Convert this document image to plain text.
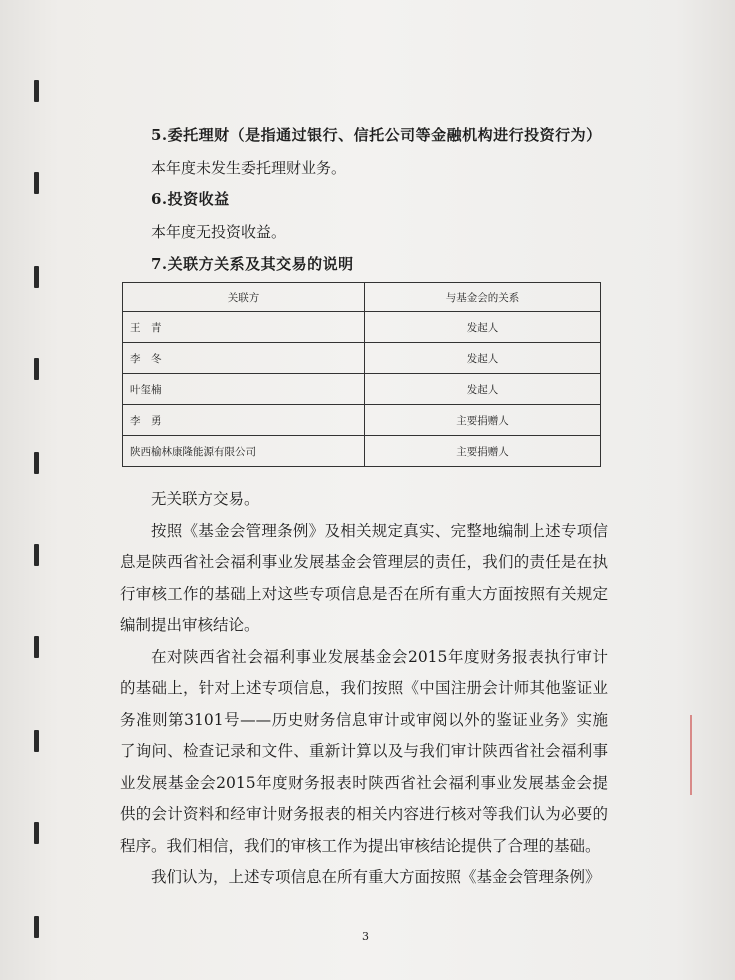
5.委托理财（是指通过银行、信托公司等金融机构进行投资行为）
本年度未发生委托理财业务。
6.投资收益
本年度无投资收益。
7.关联方关系及其交易的说明
关联方	与基金会的关系
王　青	发起人
李　冬	发起人
叶玺楠	发起人
李　勇	主要捐赠人
陕西榆林康隆能源有限公司	主要捐赠人

无关联方交易。

按照《基金会管理条例》及相关规定真实、完整地编制上述专项信息是陕西省社会福利事业发展基金会管理层的责任，我们的责任是在执行审核工作的基础上对这些专项信息是否在所有重大方面按照有关规定编制提出审核结论。

在对陕西省社会福利事业发展基金会2015年度财务报表执行审计的基础上，针对上述专项信息，我们按照《中国注册会计师其他鉴证业务准则第3101号——历史财务信息审计或审阅以外的鉴证业务》实施了询问、检查记录和文件、重新计算以及与我们审计陕西省社会福利事业发展基金会2015年度财务报表时陕西省社会福利事业发展基金会提供的会计资料和经审计财务报表的相关内容进行核对等我们认为必要的程序。我们相信，我们的审核工作为提出审核结论提供了合理的基础。

我们认为，上述专项信息在所有重大方面按照《基金会管理条例》

3
